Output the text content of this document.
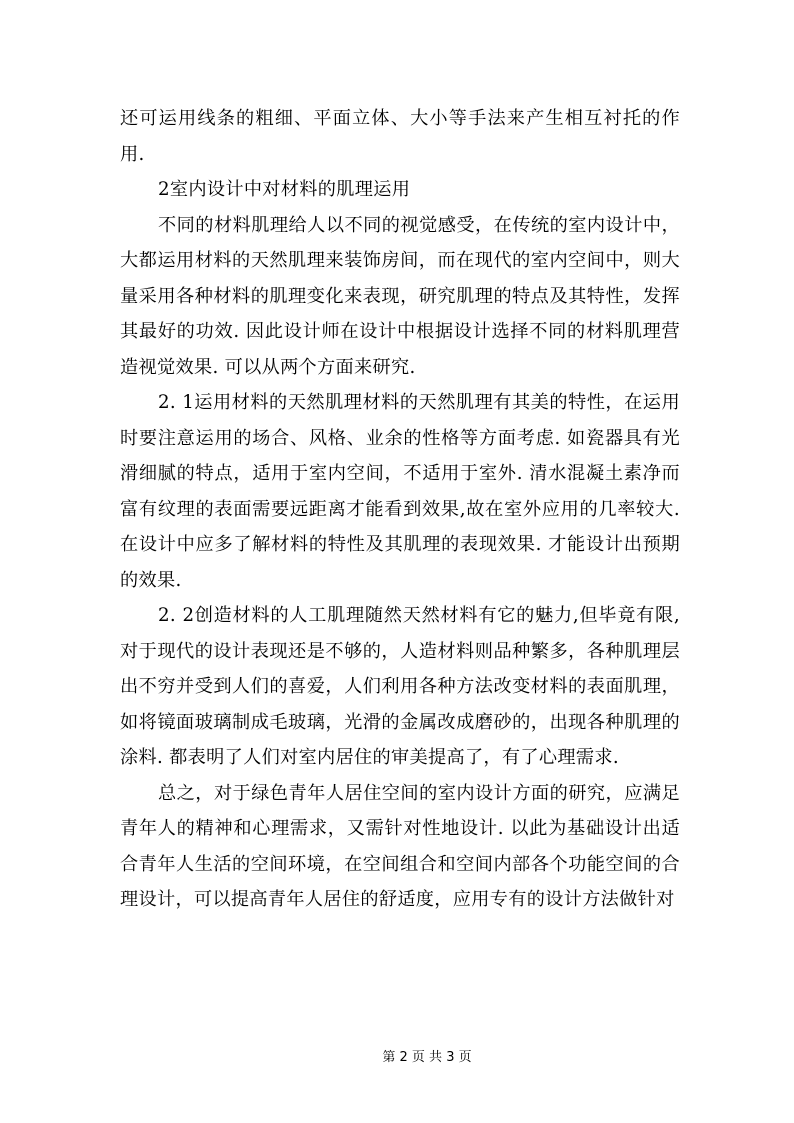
还可运用线条的粗细、平面立体、大小等手法来产生相互衬托的作用.

2室内设计中对材料的肌理运用

不同的材料肌理给人以不同的视觉感受，在传统的室内设计中，大都运用材料的天然肌理来装饰房间，而在现代的室内空间中，则大量采用各种材料的肌理变化来表现，研究肌理的特点及其特性，发挥其最好的功效. 因此设计师在设计中根据设计选择不同的材料肌理营造视觉效果. 可以从两个方面来研究.

2. 1运用材料的天然肌理材料的天然肌理有其美的特性，在运用时要注意运用的场合、风格、业余的性格等方面考虑. 如瓷器具有光滑细腻的特点，适用于室内空间，不适用于室外. 清水混凝土素净而富有纹理的表面需要远距离才能看到效果,故在室外应用的几率较大. 在设计中应多了解材料的特性及其肌理的表现效果. 才能设计出预期的效果.

2. 2创造材料的人工肌理随然天然材料有它的魅力,但毕竟有限,对于现代的设计表现还是不够的，人造材料则品种繁多，各种肌理层出不穷并受到人们的喜爱，人们利用各种方法改变材料的表面肌理，如将镜面玻璃制成毛玻璃，光滑的金属改成磨砂的，出现各种肌理的涂料. 都表明了人们对室内居住的审美提高了，有了心理需求.

总之，对于绿色青年人居住空间的室内设计方面的研究，应满足青年人的精神和心理需求，又需针对性地设计. 以此为基础设计出适合青年人生活的空间环境，在空间组合和空间内部各个功能空间的合理设计，可以提高青年人居住的舒适度，应用专有的设计方法做针对

第 2 页 共 3 页
